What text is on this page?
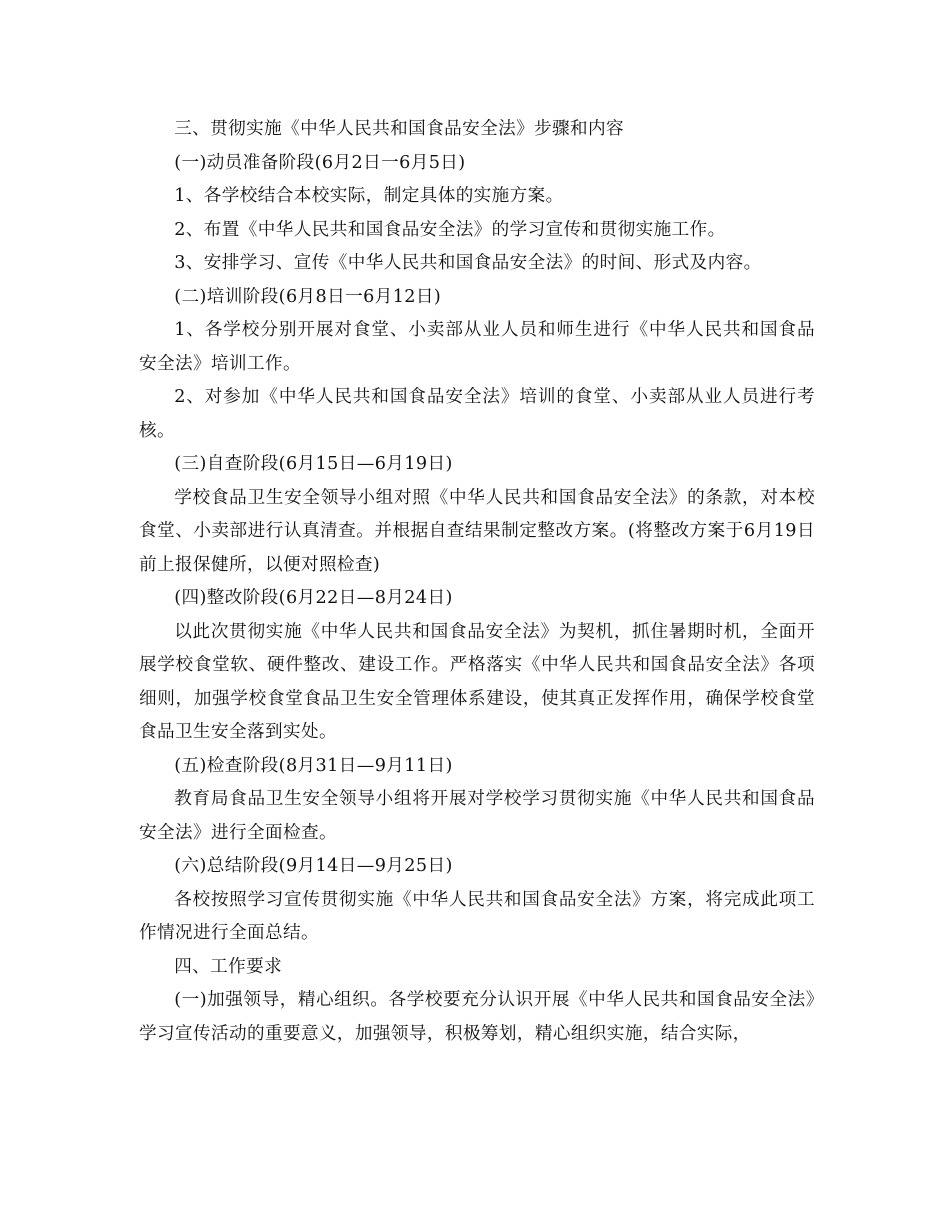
三、贯彻实施《中华人民共和国食品安全法》步骤和内容

(一)动员准备阶段(6月2日一6月5日)

1、各学校结合本校实际，制定具体的实施方案。

2、布置《中华人民共和国食品安全法》的学习宣传和贯彻实施工作。

3、安排学习、宣传《中华人民共和国食品安全法》的时间、形式及内容。

(二)培训阶段(6月8日一6月12日)

1、各学校分别开展对食堂、小卖部从业人员和师生进行《中华人民共和国食品安全法》培训工作。

2、对参加《中华人民共和国食品安全法》培训的食堂、小卖部从业人员进行考核。

(三)自查阶段(6月15日—6月19日)

学校食品卫生安全领导小组对照《中华人民共和国食品安全法》的条款，对本校食堂、小卖部进行认真清查。并根据自查结果制定整改方案。(将整改方案于6月19日前上报保健所，以便对照检查)

(四)整改阶段(6月22日—8月24日)

以此次贯彻实施《中华人民共和国食品安全法》为契机，抓住暑期时机，全面开展学校食堂软、硬件整改、建设工作。严格落实《中华人民共和国食品安全法》各项细则，加强学校食堂食品卫生安全管理体系建设，使其真正发挥作用，确保学校食堂食品卫生安全落到实处。

(五)检查阶段(8月31日—9月11日)

教育局食品卫生安全领导小组将开展对学校学习贯彻实施《中华人民共和国食品安全法》进行全面检查。

(六)总结阶段(9月14日—9月25日)

各校按照学习宣传贯彻实施《中华人民共和国食品安全法》方案，将完成此项工作情况进行全面总结。

四、工作要求

(一)加强领导，精心组织。各学校要充分认识开展《中华人民共和国食品安全法》学习宣传活动的重要意义，加强领导，积极筹划，精心组织实施，结合实际，
